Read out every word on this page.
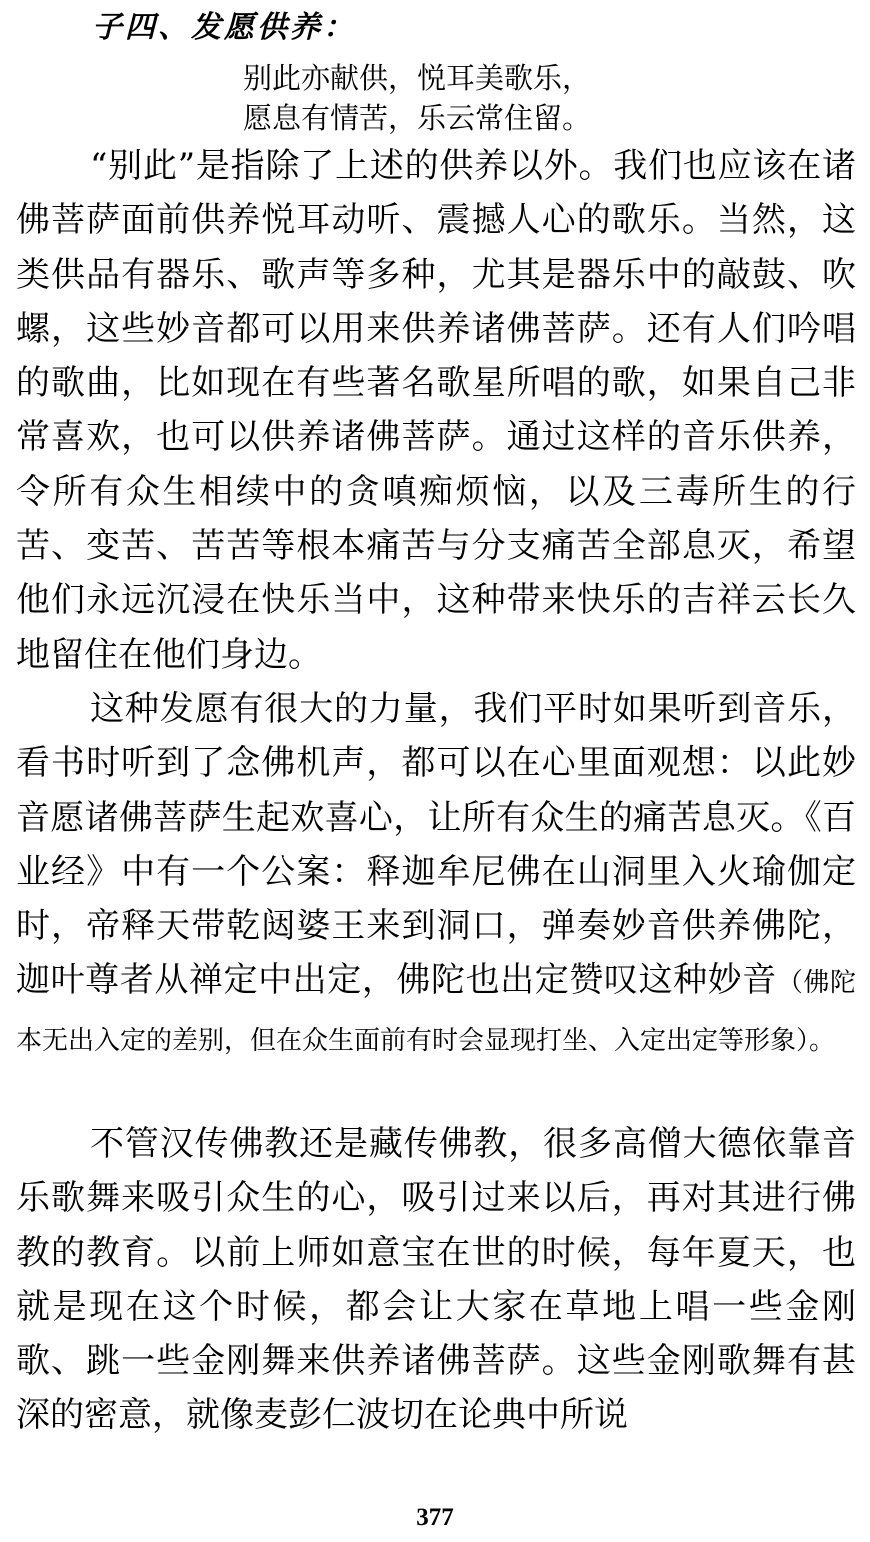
子四、发愿供养：
别此亦献供，悦耳美歌乐，
愿息有情苦，乐云常住留。

“别此”是指除了上述的供养以外。我们也应该在诸佛菩萨面前供养悦耳动听、震撼人心的歌乐。当然，这类供品有器乐、歌声等多种，尤其是器乐中的敲鼓、吹螺，这些妙音都可以用来供养诸佛菩萨。还有人们吟唱的歌曲，比如现在有些著名歌星所唱的歌，如果自己非常喜欢，也可以供养诸佛菩萨。通过这样的音乐供养，令所有众生相续中的贪嗔痴烦恼，以及三毒所生的行苦、变苦、苦苦等根本痛苦与分支痛苦全部息灭，希望他们永远沉浸在快乐当中，这种带来快乐的吉祥云长久地留住在他们身边。

这种发愿有很大的力量，我们平时如果听到音乐，看书时听到了念佛机声，都可以在心里面观想：以此妙音愿诸佛菩萨生起欢喜心，让所有众生的痛苦息灭。《百业经》中有一个公案：释迦牟尼佛在山洞里入火瑜伽定时，帝释天带乾闼婆王来到洞口，弹奏妙音供养佛陀，迦叶尊者从禅定中出定，佛陀也出定赞叹这种妙音（佛陀本无出入定的差别，但在众生面前有时会显现打坐、入定出定等形象）。

不管汉传佛教还是藏传佛教，很多高僧大德依靠音乐歌舞来吸引众生的心，吸引过来以后，再对其进行佛教的教育。以前上师如意宝在世的时候，每年夏天，也就是现在这个时候，都会让大家在草地上唱一些金刚歌、跳一些金刚舞来供养诸佛菩萨。这些金刚歌舞有甚深的密意，就像麦彭仁波切在论典中所说

377
